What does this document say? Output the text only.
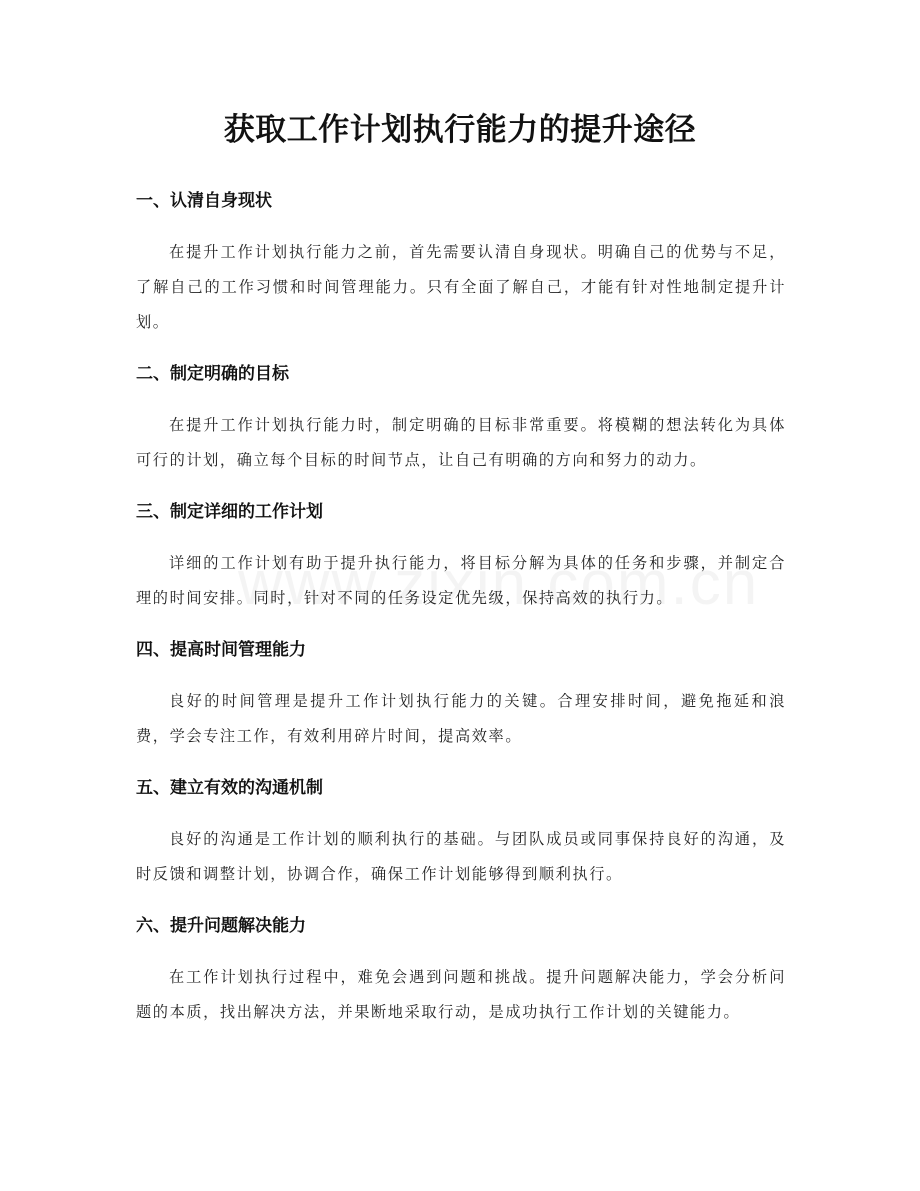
获取工作计划执行能力的提升途径
一、认清自身现状

在提升工作计划执行能力之前，首先需要认清自身现状。明确自己的优势与不足，了解自己的工作习惯和时间管理能力。只有全面了解自己，才能有针对性地制定提升计划。

二、制定明确的目标

在提升工作计划执行能力时，制定明确的目标非常重要。将模糊的想法转化为具体可行的计划，确立每个目标的时间节点，让自己有明确的方向和努力的动力。

三、制定详细的工作计划

详细的工作计划有助于提升执行能力，将目标分解为具体的任务和步骤，并制定合理的时间安排。同时，针对不同的任务设定优先级，保持高效的执行力。

四、提高时间管理能力

良好的时间管理是提升工作计划执行能力的关键。合理安排时间，避免拖延和浪费，学会专注工作，有效利用碎片时间，提高效率。

五、建立有效的沟通机制

良好的沟通是工作计划的顺利执行的基础。与团队成员或同事保持良好的沟通，及时反馈和调整计划，协调合作，确保工作计划能够得到顺利执行。

六、提升问题解决能力

在工作计划执行过程中，难免会遇到问题和挑战。提升问题解决能力，学会分析问题的本质，找出解决方法，并果断地采取行动，是成功执行工作计划的关键能力。
